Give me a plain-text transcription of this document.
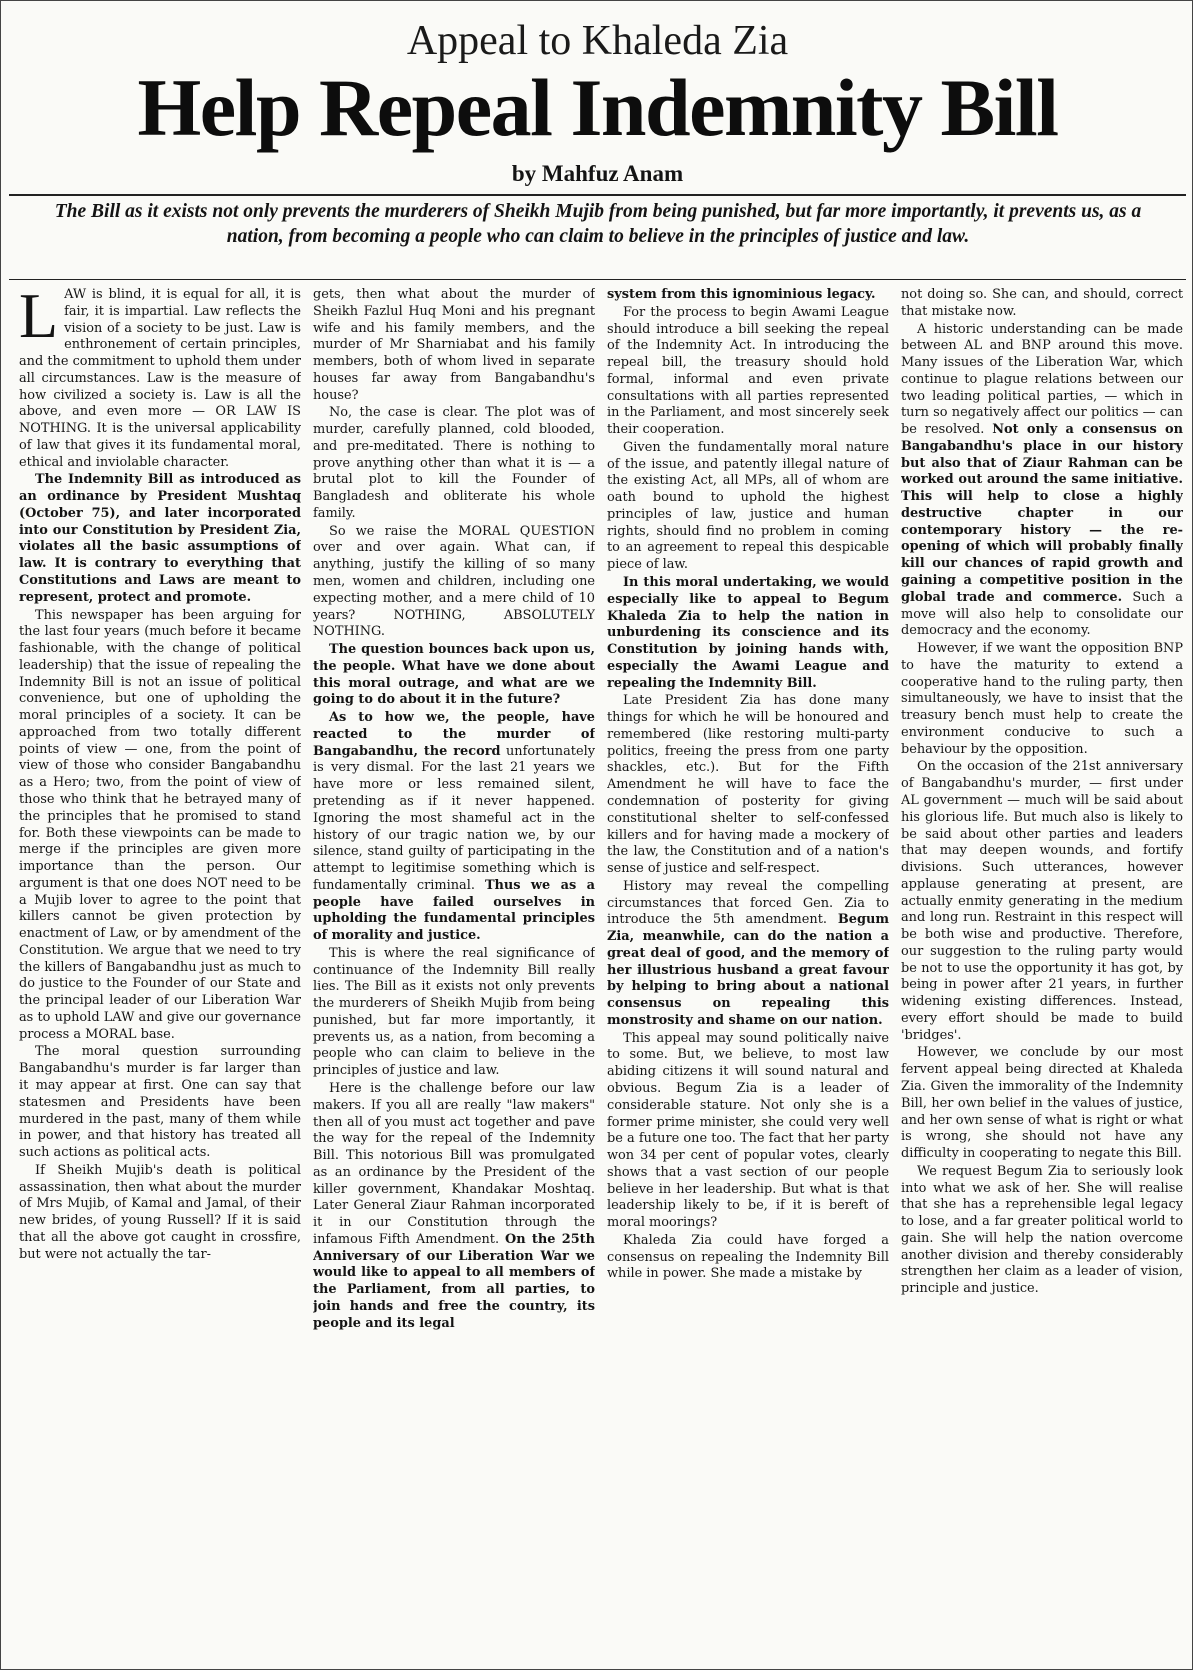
Appeal to Khaleda Zia
Help Repeal Indemnity Bill
by Mahfuz Anam
The Bill as it exists not only prevents the murderers of Sheikh Mujib from being punished, but far more importantly, it prevents us, as a nation, from becoming a people who can claim to believe in the principles of justice and law.

LAW is blind, it is equal for all, it is fair, it is impartial. Law reflects the vision of a society to be just. Law is enthronement of certain principles, and the commitment to uphold them under all circumstances. Law is the measure of how civilized a society is. Law is all the above, and even more — OR LAW IS NOTHING. It is the universal applicability of law that gives it its fundamental moral, ethical and inviolable character.

The Indemnity Bill as introduced as an ordinance by President Mushtaq (October 75), and later incorporated into our Constitution by President Zia, violates all the basic assumptions of law. It is contrary to everything that Constitutions and Laws are meant to represent, protect and promote.

This newspaper has been arguing for the last four years (much before it became fashionable, with the change of political leadership) that the issue of repealing the Indemnity Bill is not an issue of political convenience, but one of upholding the moral principles of a society. It can be approached from two totally different points of view — one, from the point of view of those who consider Bangabandhu as a Hero; two, from the point of view of those who think that he betrayed many of the principles that he promised to stand for. Both these viewpoints can be made to merge if the principles are given more importance than the person. Our argument is that one does NOT need to be a Mujib lover to agree to the point that killers cannot be given protection by enactment of Law, or by amendment of the Constitution. We argue that we need to try the killers of Bangabandhu just as much to do justice to the Founder of our State and the principal leader of our Liberation War as to uphold LAW and give our governance process a MORAL base.

The moral question surrounding Bangabandhu's murder is far larger than it may appear at first. One can say that statesmen and Presidents have been murdered in the past, many of them while in power, and that history has treated all such actions as political acts.

If Sheikh Mujib's death is political assassination, then what about the murder of Mrs Mujib, of Kamal and Jamal, of their new brides, of young Russell? If it is said that all the above got caught in crossfire, but were not actually the tar-

gets, then what about the murder of Sheikh Fazlul Huq Moni and his pregnant wife and his family members, and the murder of Mr Sharniabat and his family members, both of whom lived in separate houses far away from Bangabandhu's house?

No, the case is clear. The plot was of murder, carefully planned, cold blooded, and pre-meditated. There is nothing to prove anything other than what it is — a brutal plot to kill the Founder of Bangladesh and obliterate his whole family.

So we raise the MORAL QUESTION over and over again. What can, if anything, justify the killing of so many men, women and children, including one expecting mother, and a mere child of 10 years? NOTHING, ABSOLUTELY NOTHING.

The question bounces back upon us, the people. What have we done about this moral outrage, and what are we going to do about it in the future?

As to how we, the people, have reacted to the murder of Bangabandhu, the record unfortunately is very dismal. For the last 21 years we have more or less remained silent, pretending as if it never happened. Ignoring the most shameful act in the history of our tragic nation we, by our silence, stand guilty of participating in the attempt to legitimise something which is fundamentally criminal. Thus we as a people have failed ourselves in upholding the fundamental principles of morality and justice.

This is where the real significance of continuance of the Indemnity Bill really lies. The Bill as it exists not only prevents the murderers of Sheikh Mujib from being punished, but far more importantly, it prevents us, as a nation, from becoming a people who can claim to believe in the principles of justice and law.

Here is the challenge before our law makers. If you all are really "law makers" then all of you must act together and pave the way for the repeal of the Indemnity Bill. This notorious Bill was promulgated as an ordinance by the President of the killer government, Khandakar Moshtaq. Later General Ziaur Rahman incorporated it in our Constitution through the infamous Fifth Amendment. On the 25th Anniversary of our Liberation War we would like to appeal to all members of the Parliament, from all parties, to join hands and free the country, its people and its legal

system from this ignominious legacy.

For the process to begin Awami League should introduce a bill seeking the repeal of the Indemnity Act. In introducing the repeal bill, the treasury should hold formal, informal and even private consultations with all parties represented in the Parliament, and most sincerely seek their cooperation.

Given the fundamentally moral nature of the issue, and patently illegal nature of the existing Act, all MPs, all of whom are oath bound to uphold the highest principles of law, justice and human rights, should find no problem in coming to an agreement to repeal this despicable piece of law.

In this moral undertaking, we would especially like to appeal to Begum Khaleda Zia to help the nation in unburdening its conscience and its Constitution by joining hands with, especially the Awami League and repealing the Indemnity Bill.

Late President Zia has done many things for which he will be honoured and remembered (like restoring multi-party politics, freeing the press from one party shackles, etc.). But for the Fifth Amendment he will have to face the condemnation of posterity for giving constitutional shelter to self-confessed killers and for having made a mockery of the law, the Constitution and of a nation's sense of justice and self-respect.

History may reveal the compelling circumstances that forced Gen. Zia to introduce the 5th amendment. Begum Zia, meanwhile, can do the nation a great deal of good, and the memory of her illustrious husband a great favour by helping to bring about a national consensus on repealing this monstrosity and shame on our nation.

This appeal may sound politically naive to some. But, we believe, to most law abiding citizens it will sound natural and obvious. Begum Zia is a leader of considerable stature. Not only she is a former prime minister, she could very well be a future one too. The fact that her party won 34 per cent of popular votes, clearly shows that a vast section of our people believe in her leadership. But what is that leadership likely to be, if it is bereft of moral moorings?

Khaleda Zia could have forged a consensus on repealing the Indemnity Bill while in power. She made a mistake by

not doing so. She can, and should, correct that mistake now.

A historic understanding can be made between AL and BNP around this move. Many issues of the Liberation War, which continue to plague relations between our two leading political parties, — which in turn so negatively affect our politics — can be resolved. Not only a consensus on Bangabandhu's place in our history but also that of Ziaur Rahman can be worked out around the same initiative. This will help to close a highly destructive chapter in our contemporary history — the re-opening of which will probably finally kill our chances of rapid growth and gaining a competitive position in the global trade and commerce. Such a move will also help to consolidate our democracy and the economy.

However, if we want the opposition BNP to have the maturity to extend a cooperative hand to the ruling party, then simultaneously, we have to insist that the treasury bench must help to create the environment conducive to such a behaviour by the opposition.

On the occasion of the 21st anniversary of Bangabandhu's murder, — first under AL government — much will be said about his glorious life. But much also is likely to be said about other parties and leaders that may deepen wounds, and fortify divisions. Such utterances, however applause generating at present, are actually enmity generating in the medium and long run. Restraint in this respect will be both wise and productive. Therefore, our suggestion to the ruling party would be not to use the opportunity it has got, by being in power after 21 years, in further widening existing differences. Instead, every effort should be made to build 'bridges'.

However, we conclude by our most fervent appeal being directed at Khaleda Zia. Given the immorality of the Indemnity Bill, her own belief in the values of justice, and her own sense of what is right or what is wrong, she should not have any difficulty in cooperating to negate this Bill.

We request Begum Zia to seriously look into what we ask of her. She will realise that she has a reprehensible legal legacy to lose, and a far greater political world to gain. She will help the nation overcome another division and thereby considerably strengthen her claim as a leader of vision, principle and justice.
